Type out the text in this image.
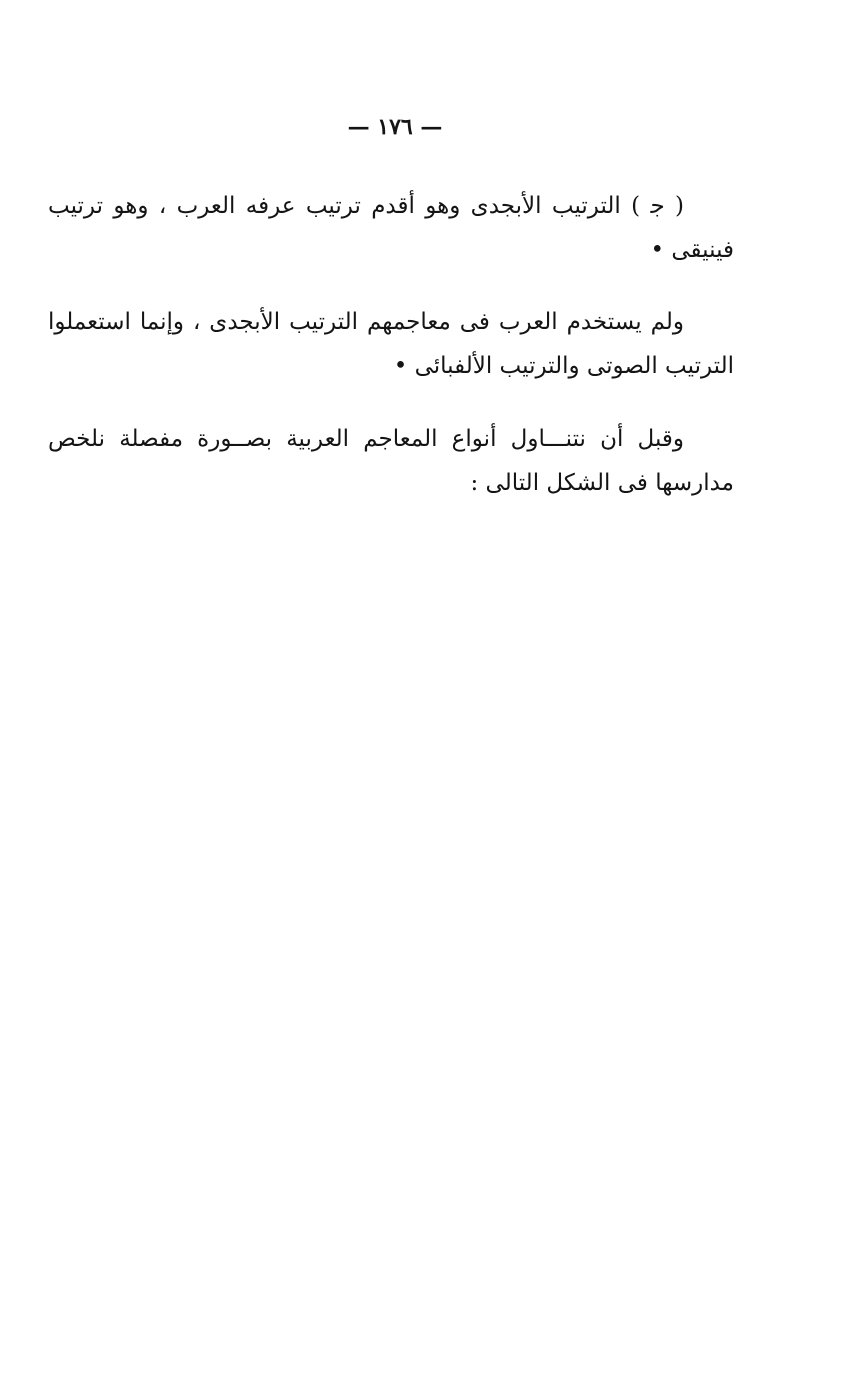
— ١٧٦ —
( ﺟ ) الترتيب الأبجدى وهو أقدم ترتيب عرفه العرب ، وهو ترتيب
فينيقى •
ولم يستخدم العرب فى معاجمهم الترتيب الأبجدى ، وإنما استعملوا
الترتيب الصوتى والترتيب الألفبائى •
وقبل أن نتنـــاول أنواع المعاجم العربية بصــورة مفصلة نلخص
مدارسها فى الشكل التالى :
